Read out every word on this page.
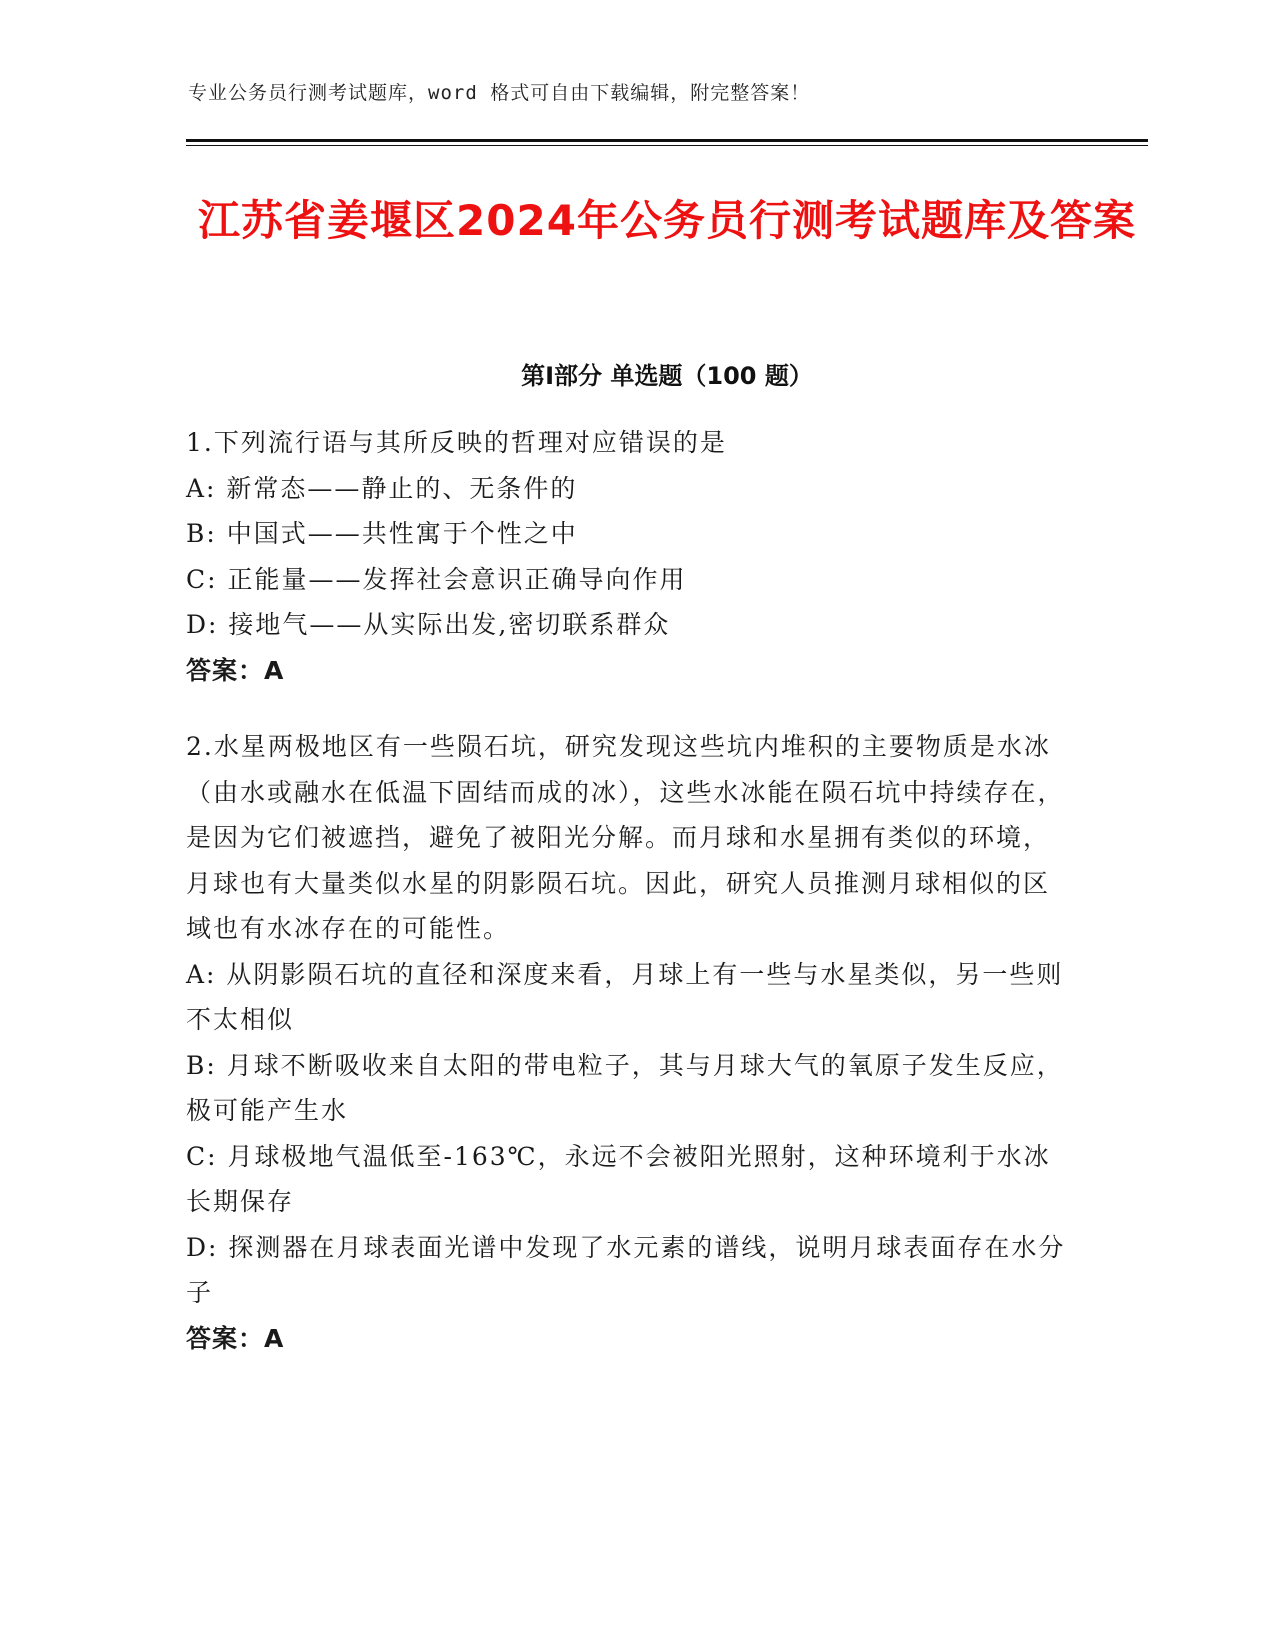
专业公务员行测考试题库，word 格式可自由下载编辑，附完整答案！
江苏省姜堰区2024年公务员行测考试题库及答案
第Ⅰ部分 单选题（100 题）

1.下列流行语与其所反映的哲理对应错误的是

A: 新常态——静止的、无条件的

B: 中国式——共性寓于个性之中

C: 正能量——发挥社会意识正确导向作用

D: 接地气——从实际出发,密切联系群众

答案：A

2.水星两极地区有一些陨石坑，研究发现这些坑内堆积的主要物质是水冰（由水或融水在低温下固结而成的冰），这些水冰能在陨石坑中持续存在，是因为它们被遮挡，避免了被阳光分解。而月球和水星拥有类似的环境，月球也有大量类似水星的阴影陨石坑。因此，研究人员推测月球相似的区域也有水冰存在的可能性。

A: 从阴影陨石坑的直径和深度来看，月球上有一些与水星类似，另一些则不太相似

B: 月球不断吸收来自太阳的带电粒子，其与月球大气的氧原子发生反应，极可能产生水

C: 月球极地气温低至-163℃，永远不会被阳光照射，这种环境利于水冰长期保存

D: 探测器在月球表面光谱中发现了水元素的谱线，说明月球表面存在水分子

答案：A
